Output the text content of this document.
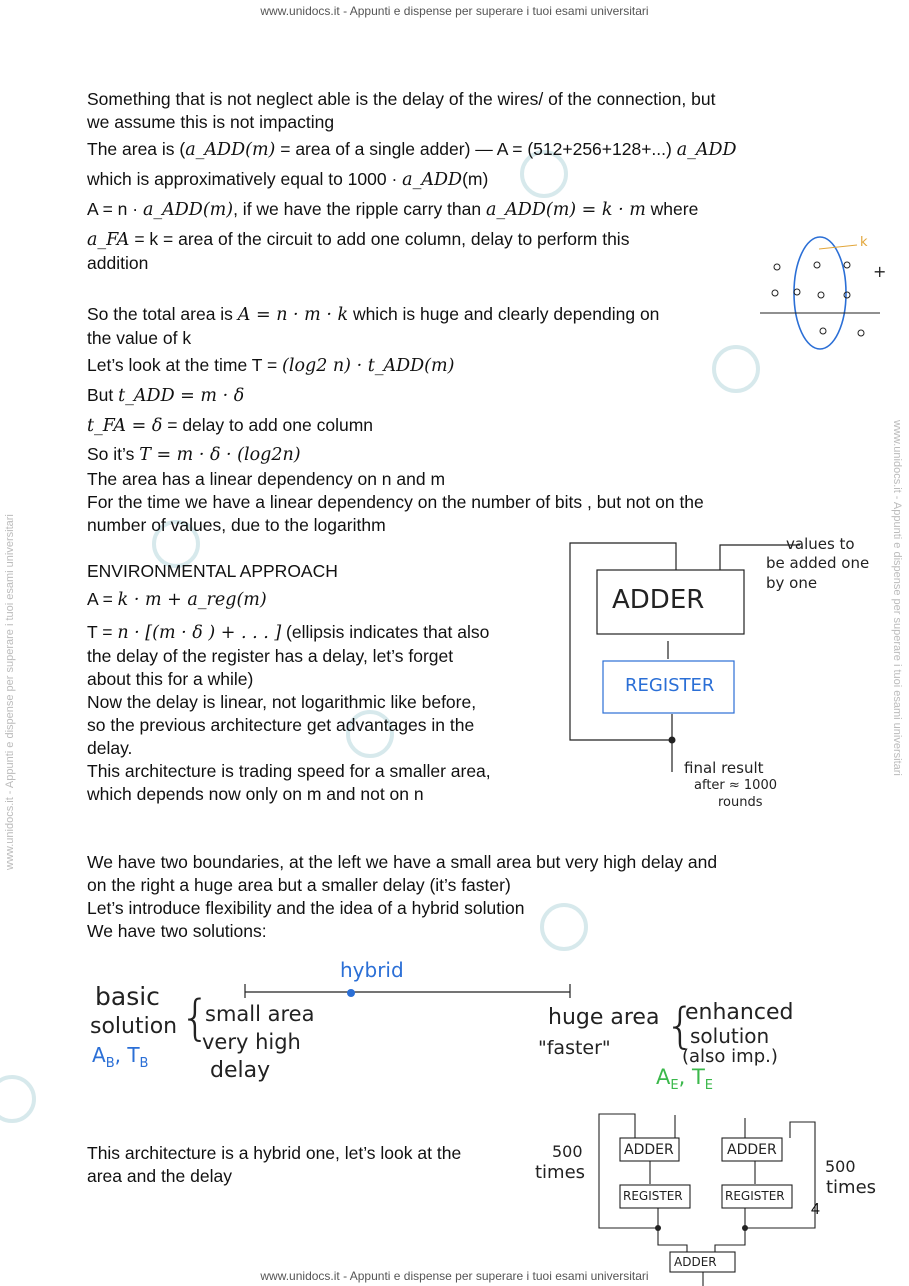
www.unidocs.it - Appunti e dispense per superare i tuoi esami universitari
www.unidocs.it - Appunti e dispense per superare i tuoi esami universitari
www.unidocs.it - Appunti e dispense per superare i tuoi esami universitari	www.unidocs.it - Appunti e dispense per superare i tuoi esami universitari
Something that is not neglect able is the delay of the wires/ of the connection, but
we assume this is not impacting
The area is (a_ADD(m) = area of a single adder) — A = (512+256+128+...) a_ADD
which is approximatively equal to 1000 · a_ADD(m)
A = n · a_ADD(m), if we have the ripple carry than a_ADD(m) = k · m where
a_FA = k = area of the circuit to add one column, delay to perform this
addition
So the total area is A = n · m · k which is huge and clearly depending on
the value of k
Let’s look at the time T = (log2 n) · t_ADD(m)
But t_ADD = m · δ
t_FA = δ = delay to add one column
So it’s T = m · δ · (log2n)
The area has a linear dependency on n and m
For the time we have a linear dependency on the number of bits , but not on the
number of values, due to the logarithm
ENVIRONMENTAL APPROACH
A = k · m + a_reg(m)
T = n · [(m · δ ) + . . . ] (ellipsis indicates that also
the delay of the register has a delay, let’s forget
about this for a while)
Now the delay is linear, not logarithmic like before,
so the previous architecture get advantages in the
delay.
This architecture is trading speed for a smaller area,
which depends now only on m and not on n
We have two boundaries, at the left we have a small area but very high delay and
on the right a huge area but a smaller delay (it’s faster)
Let’s introduce flexibility and the idea of a hybrid solution
We have two solutions:
This architecture is a hybrid one, let’s look at the
area and the delay
k
+
ADDER
REGISTER
values to
be added one
by one
final result
after ≈ 1000
rounds
hybrid
basic
solution
$A_B$, $T_B$
{
small area
very high
delay
huge area
"faster" {
enhanced
solution
(also imp.)
$A_E$, $T_E$
ADDER	ADDER
REGISTER	REGISTER
ADDER
500
times	500
times
4
